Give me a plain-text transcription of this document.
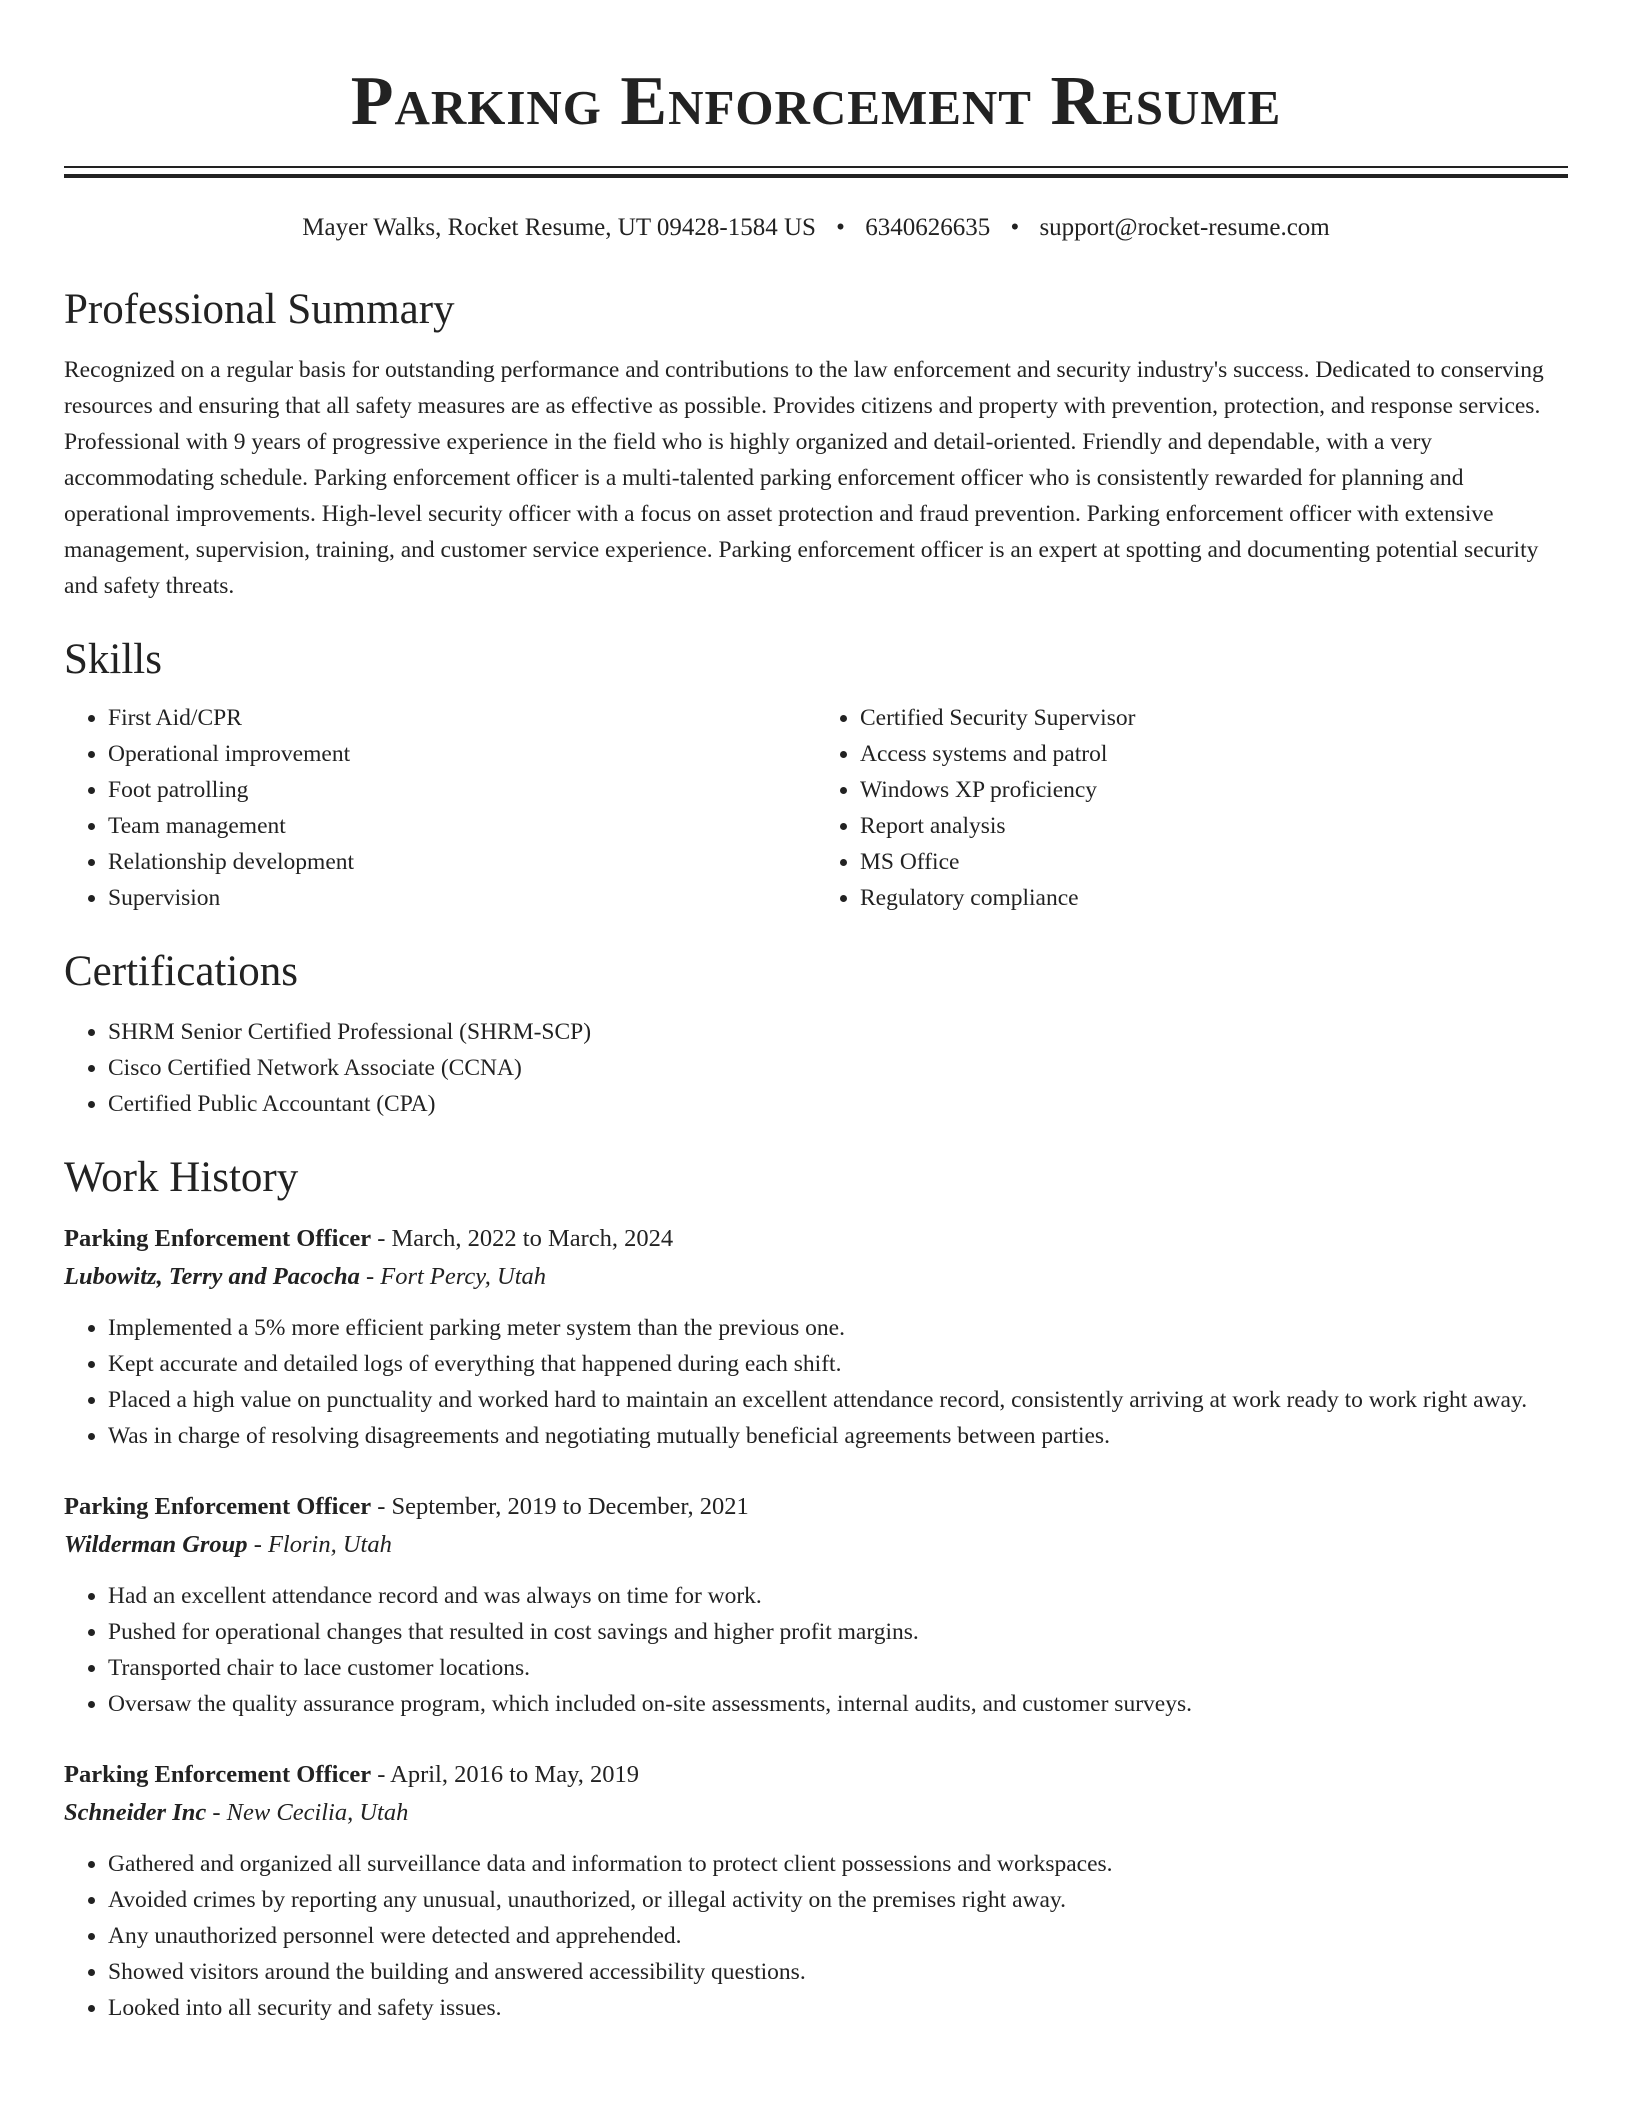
Parking Enforcement Resume
Mayer Walks, Rocket Resume, UT 09428-1584 US • 6340626635 • support@rocket-resume.com
Professional Summary

Recognized on a regular basis for outstanding performance and contributions to the law enforcement and security industry's success. Dedicated to conserving resources and ensuring that all safety measures are as effective as possible. Provides citizens and property with prevention, protection, and response services. Professional with 9 years of progressive experience in the field who is highly organized and detail-oriented. Friendly and dependable, with a very accommodating schedule. Parking enforcement officer is a multi-talented parking enforcement officer who is consistently rewarded for planning and operational improvements. High-level security officer with a focus on asset protection and fraud prevention. Parking enforcement officer with extensive management, supervision, training, and customer service experience. Parking enforcement officer is an expert at spotting and documenting potential security and safety threats.

Skills
• First Aid/CPR
• Operational improvement
• Foot patrolling
• Team management
• Relationship development
• Supervision
• Certified Security Supervisor
• Access systems and patrol
• Windows XP proficiency
• Report analysis
• MS Office
• Regulatory compliance
Certifications
• SHRM Senior Certified Professional (SHRM-SCP)
• Cisco Certified Network Associate (CCNA)
• Certified Public Accountant (CPA)
Work History
Parking Enforcement Officer - March, 2022 to March, 2024
Lubowitz, Terry and Pacocha - Fort Percy, Utah
• Implemented a 5% more efficient parking meter system than the previous one.
• Kept accurate and detailed logs of everything that happened during each shift.
• Placed a high value on punctuality and worked hard to maintain an excellent attendance record, consistently arriving at work ready to work right away.
• Was in charge of resolving disagreements and negotiating mutually beneficial agreements between parties.
Parking Enforcement Officer - September, 2019 to December, 2021
Wilderman Group - Florin, Utah
• Had an excellent attendance record and was always on time for work.
• Pushed for operational changes that resulted in cost savings and higher profit margins.
• Transported chair to lace customer locations.
• Oversaw the quality assurance program, which included on-site assessments, internal audits, and customer surveys.
Parking Enforcement Officer - April, 2016 to May, 2019
Schneider Inc - New Cecilia, Utah
• Gathered and organized all surveillance data and information to protect client possessions and workspaces.
• Avoided crimes by reporting any unusual, unauthorized, or illegal activity on the premises right away.
• Any unauthorized personnel were detected and apprehended.
• Showed visitors around the building and answered accessibility questions.
• Looked into all security and safety issues.
